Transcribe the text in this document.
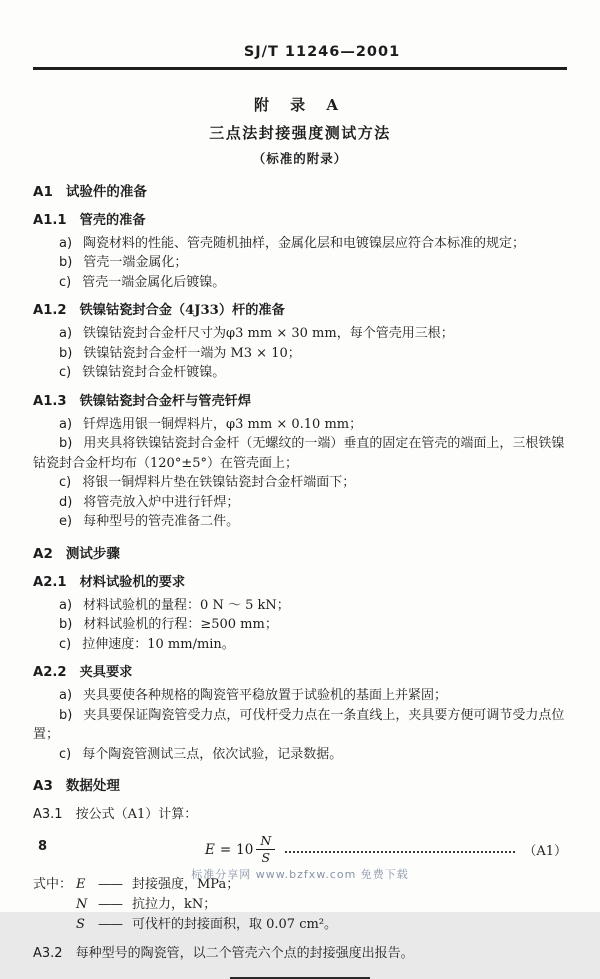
SJ/T 11246—2001
附 录 A
三点法封接强度测试方法
（标准的附录）
A1 试验件的准备
A1.1 管壳的准备
a) 陶瓷材料的性能、管壳随机抽样，金属化层和电镀镍层应符合本标准的规定；
b) 管壳一端金属化；
c) 管壳一端金属化后镀镍。
A1.2 铁镍钴瓷封合金（4J33）杆的准备
a) 铁镍钴瓷封合金杆尺寸为φ3 mm × 30 mm，每个管壳用三根；
b) 铁镍钴瓷封合金杆一端为 M3 × 10；
c) 铁镍钴瓷封合金杆镀镍。
A1.3 铁镍钴瓷封合金杆与管壳钎焊
a) 钎焊选用银一铜焊料片，φ3 mm × 0.10 mm；
b) 用夹具将铁镍钴瓷封合金杆（无螺纹的一端）垂直的固定在管壳的端面上，三根铁镍钴瓷封合金杆均布（120°±5°）在管壳面上；
c) 将银一铜焊料片垫在铁镍钴瓷封合金杆端面下；
d) 将管壳放入炉中进行钎焊；
e) 每种型号的管壳准备二件。
A2 测试步骤
A2.1 材料试验机的要求
a) 材料试验机的量程：0 N ～ 5 kN；
b) 材料试验机的行程：≥500 mm；
c) 拉伸速度：10 mm/min。
A2.2 夹具要求
a) 夹具要使各种规格的陶瓷管平稳放置于试验机的基面上并紧固；
b) 夹具要保证陶瓷管受力点，可伐杆受力点在一条直线上，夹具要方便可调节受力点位置；
c) 每个陶瓷管测试三点，依次试验，记录数据。
A3 数据处理
A3.1 按公式（A1）计算：
$E = 10 \frac{N}{S}$	（A1）
式中： E —— 封接强度，MPa；
N —— 抗拉力，kN；
S	—— 可伐杆的封接面积，取 0.07 cm²。
A3.2 每种型号的陶瓷管，以二个管壳六个点的封接强度出报告。
8
标准分享网 www.bzfxw.com 免费下载
